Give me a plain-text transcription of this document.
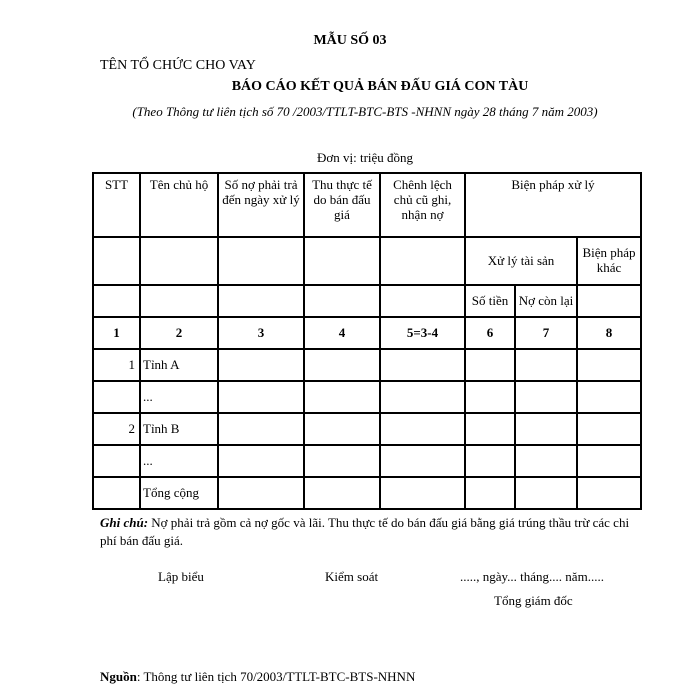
MẪU SỐ 03
TÊN TỔ CHỨC CHO VAY
BÁO CÁO KẾT QUẢ BÁN ĐẤU GIÁ CON TÀU
(Theo Thông tư liên tịch số 70 /2003/TTLT-BTC-BTS -NHNN ngày 28 tháng 7 năm 2003)
Đơn vị: triệu đồng
STT	Tên chủ hộ	Số nợ phải trả đến ngày xử lý	Thu thực tế do bán đấu giá	Chênh lệch chủ cũ ghi, nhận nợ	Biện pháp xử lý		
					Xử lý tài sản		Biện pháp khác
					Số tiền	Nợ còn lại	
1	2	3	4	5=3-4	6	7	8
1	Tỉnh A						
	...						
2	Tỉnh B						
	...						
	Tổng cộng						
Ghi chú: Nợ phải trả gồm cả nợ gốc và lãi. Thu thực tế do bán đấu giá bằng giá trúng thầu trừ các chi phí bán đấu giá.
Lập biểu	Kiểm soát	....., ngày... tháng.... năm.....
Tổng giám đốc
Nguồn: Thông tư liên tịch 70/2003/TTLT-BTC-BTS-NHNN
